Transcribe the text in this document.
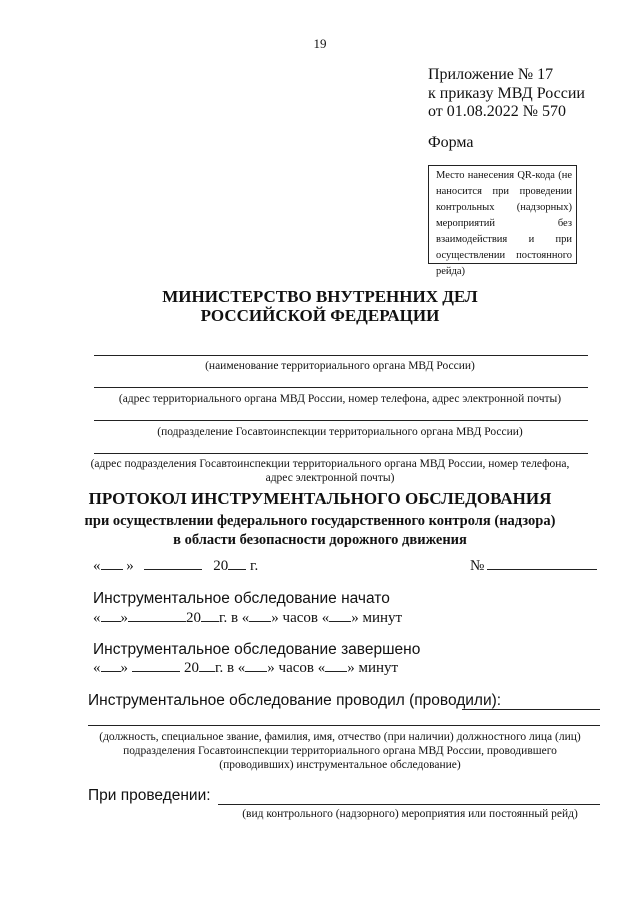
19
Приложение № 17
к приказу МВД России
от 01.08.2022 № 570
Форма
Место нанесения QR-кода (не наносится при проведении контрольных (надзорных) мероприятий без взаимодействия и при осуществлении постоянного рейда)
МИНИСТЕРСТВО ВНУТРЕННИХ ДЕЛ
РОССИЙСКОЙ ФЕДЕРАЦИИ
(наименование территориального органа МВД России)
(адрес территориального органа МВД России, номер телефона, адрес электронной почты)
(подразделение Госавтоинспекции территориального органа МВД России)
(адрес подразделения Госавтоинспекции территориального органа МВД России, номер телефона,
адрес электронной почты)
ПРОТОКОЛ ИНСТРУМЕНТАЛЬНОГО ОБСЛЕДОВАНИЯ
при осуществлении федерального государственного контроля (надзора)
в области безопасности дорожного движения
« »	20 г.	№
Инструментальное обследование начато
« »	20 г. в « » часов « » минут
Инструментальное обследование завершено
« »	20 г. в « » часов « » минут
Инструментальное обследование проводил (проводили):
(должность, специальное звание, фамилия, имя, отчество (при наличии) должностного лица (лиц)
подразделения Госавтоинспекции территориального органа МВД России, проводившего
(проводивших) инструментальное обследование)
При проведении:
(вид контрольного (надзорного) мероприятия или постоянный рейд)
